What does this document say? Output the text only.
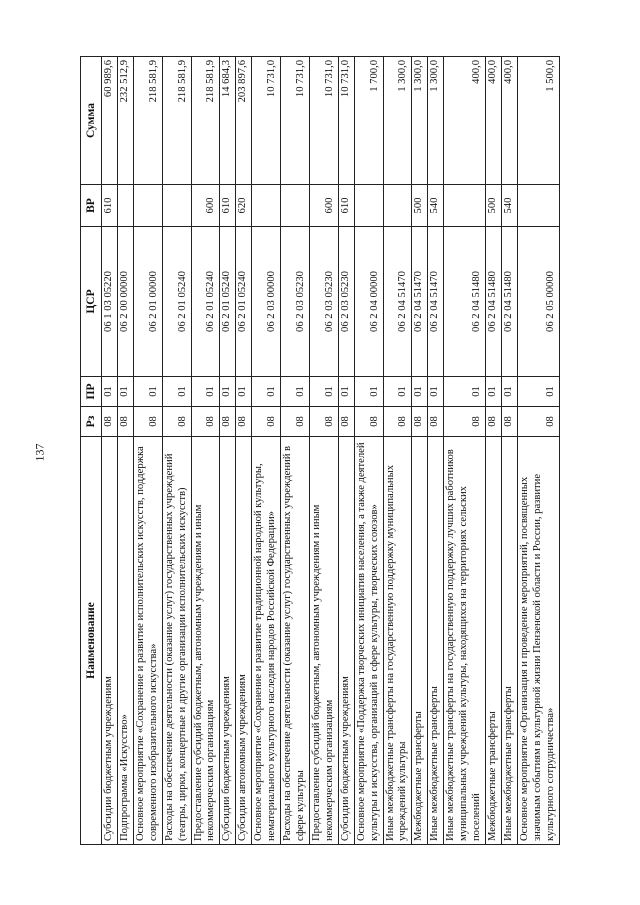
137
Наименование	Рз	ПР	ЦСР	ВР	Сумма
Субсидии бюджетным учреждениям	08	01	06 1 03 05220	610	60 989,6
Подпрограмма «Искусство»	08	01	06 2 00 00000		232 512,9
Основное мероприятие «Сохранение и развитие исполнительских искусств, поддержка современного изобразительного искусства»	08	01	06 2 01 00000		218 581,9
Расходы на обеспечение деятельности (оказание услуг) государственных учреждений (театры, цирки, концертные и другие организации исполнительских искусств)	08	01	06 2 01 05240		218 581,9
Предоставление субсидий бюджетным, автономным учреждениям и иным некоммерческим организациям	08	01	06 2 01 05240	600	218 581,9
Субсидии бюджетным учреждениям	08	01	06 2 01 05240	610	14 684,3
Субсидии автономным учреждениям	08	01	06 2 01 05240	620	203 897,6
Основное мероприятие «Сохранение и развитие традиционной народной культуры, нематериального культурного наследия народов Российской Федерации»	08	01	06 2 03 00000		10 731,0
Расходы на обеспечение деятельности (оказание услуг) государственных учреждений в сфере культуры	08	01	06 2 03 05230		10 731,0
Предоставление субсидий бюджетным, автономным учреждениям и иным некоммерческим организациям	08	01	06 2 03 05230	600	10 731,0
Субсидии бюджетным учреждениям	08	01	06 2 03 05230	610	10 731,0
Основное мероприятие «Поддержка творческих инициатив населения, а также деятелей культуры и искусства, организаций в сфере культуры, творческих союзов»	08	01	06 2 04 00000		1 700,0
Иные межбюджетные трансферты на государственную поддержку муниципальных учреждений культуры	08	01	06 2 04 51470		1 300,0
Межбюджетные трансферты	08	01	06 2 04 51470	500	1 300,0
Иные межбюджетные трансферты	08	01	06 2 04 51470	540	1 300,0
Иные межбюджетные трансферты на государственную поддержку лучших работников муниципальных учреждений культуры, находящихся на территориях сельских поселений	08	01	06 2 04 51480		400,0
Межбюджетные трансферты	08	01	06 2 04 51480	500	400,0
Иные межбюджетные трансферты	08	01	06 2 04 51480	540	400,0
Основное мероприятие «Организация и проведение мероприятий, посвященных значимым событиям в культурной жизни Пензенской области и России, развитие культурного сотрудничества»	08	01	06 2 05 00000		1 500,0
